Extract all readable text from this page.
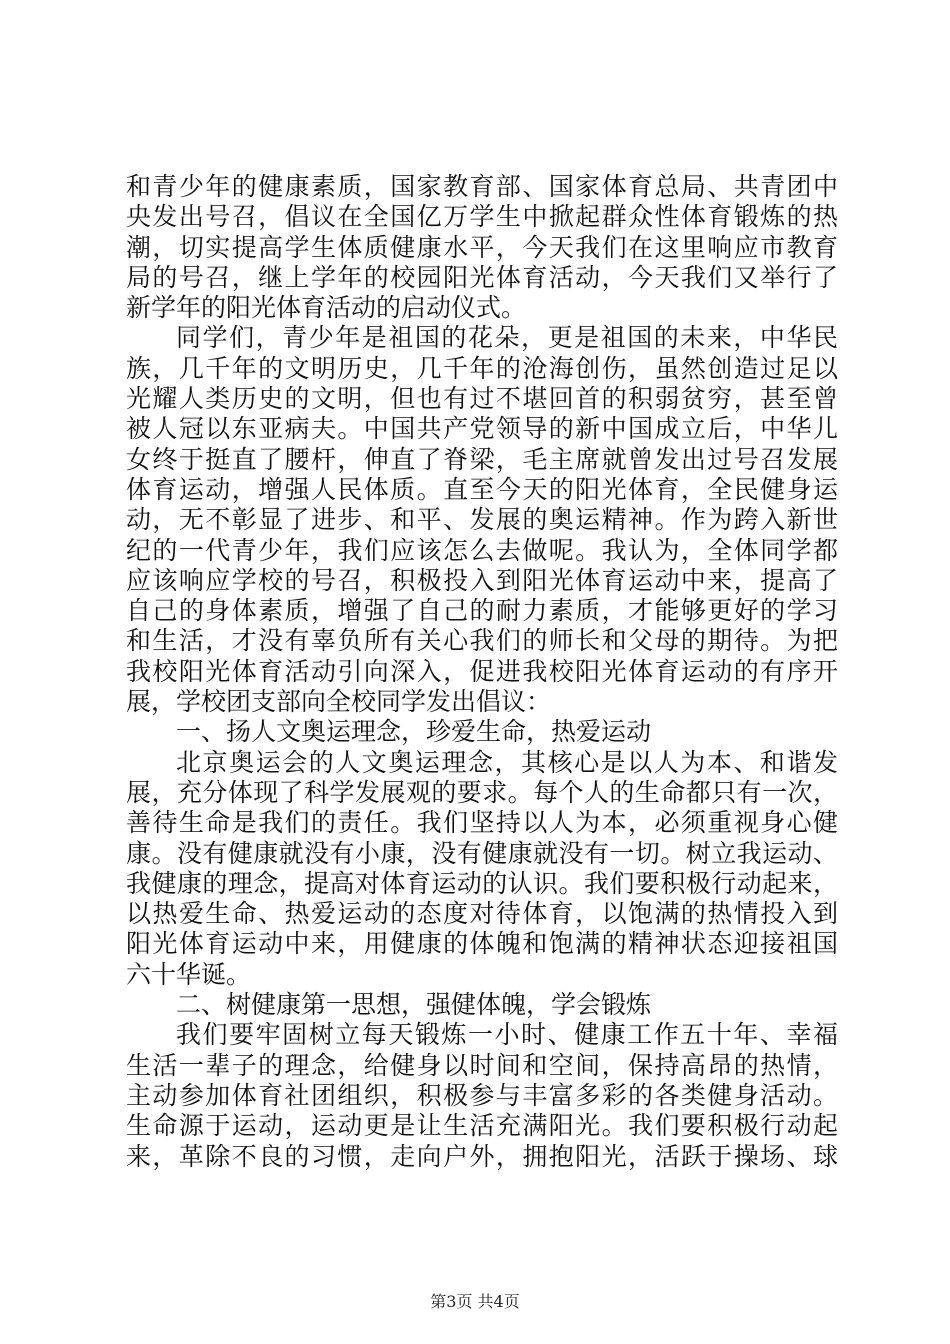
和青少年的健康素质，国家教育部、国家体育总局、共青团中
央发出号召，倡议在全国亿万学生中掀起群众性体育锻炼的热
潮，切实提高学生体质健康水平，今天我们在这里响应市教育
局的号召，继上学年的校园阳光体育活动，今天我们又举行了
新学年的阳光体育活动的启动仪式。
同学们，青少年是祖国的花朵，更是祖国的未来，中华民
族，几千年的文明历史，几千年的沧海创伤，虽然创造过足以
光耀人类历史的文明，但也有过不堪回首的积弱贫穷，甚至曾
被人冠以东亚病夫。中国共产党领导的新中国成立后，中华儿
女终于挺直了腰杆，伸直了脊梁，毛主席就曾发出过号召发展
体育运动，增强人民体质。直至今天的阳光体育，全民健身运
动，无不彰显了进步、和平、发展的奥运精神。作为跨入新世
纪的一代青少年，我们应该怎么去做呢。我认为，全体同学都
应该响应学校的号召，积极投入到阳光体育运动中来，提高了
自己的身体素质，增强了自己的耐力素质，才能够更好的学习
和生活，才没有辜负所有关心我们的师长和父母的期待。为把
我校阳光体育活动引向深入，促进我校阳光体育运动的有序开
展，学校团支部向全校同学发出倡议：
一、扬人文奥运理念，珍爱生命，热爱运动
北京奥运会的人文奥运理念，其核心是以人为本、和谐发
展，充分体现了科学发展观的要求。每个人的生命都只有一次，
善待生命是我们的责任。我们坚持以人为本，必须重视身心健
康。没有健康就没有小康，没有健康就没有一切。树立我运动、
我健康的理念，提高对体育运动的认识。我们要积极行动起来，
以热爱生命、热爱运动的态度对待体育，以饱满的热情投入到
阳光体育运动中来，用健康的体魄和饱满的精神状态迎接祖国
六十华诞。
二、树健康第一思想，强健体魄，学会锻炼
我们要牢固树立每天锻炼一小时、健康工作五十年、幸福
生活一辈子的理念，给健身以时间和空间，保持高昂的热情，
主动参加体育社团组织，积极参与丰富多彩的各类健身活动。
生命源于运动，运动更是让生活充满阳光。我们要积极行动起
来，革除不良的习惯，走向户外，拥抱阳光，活跃于操场、球
第3页 共4页
